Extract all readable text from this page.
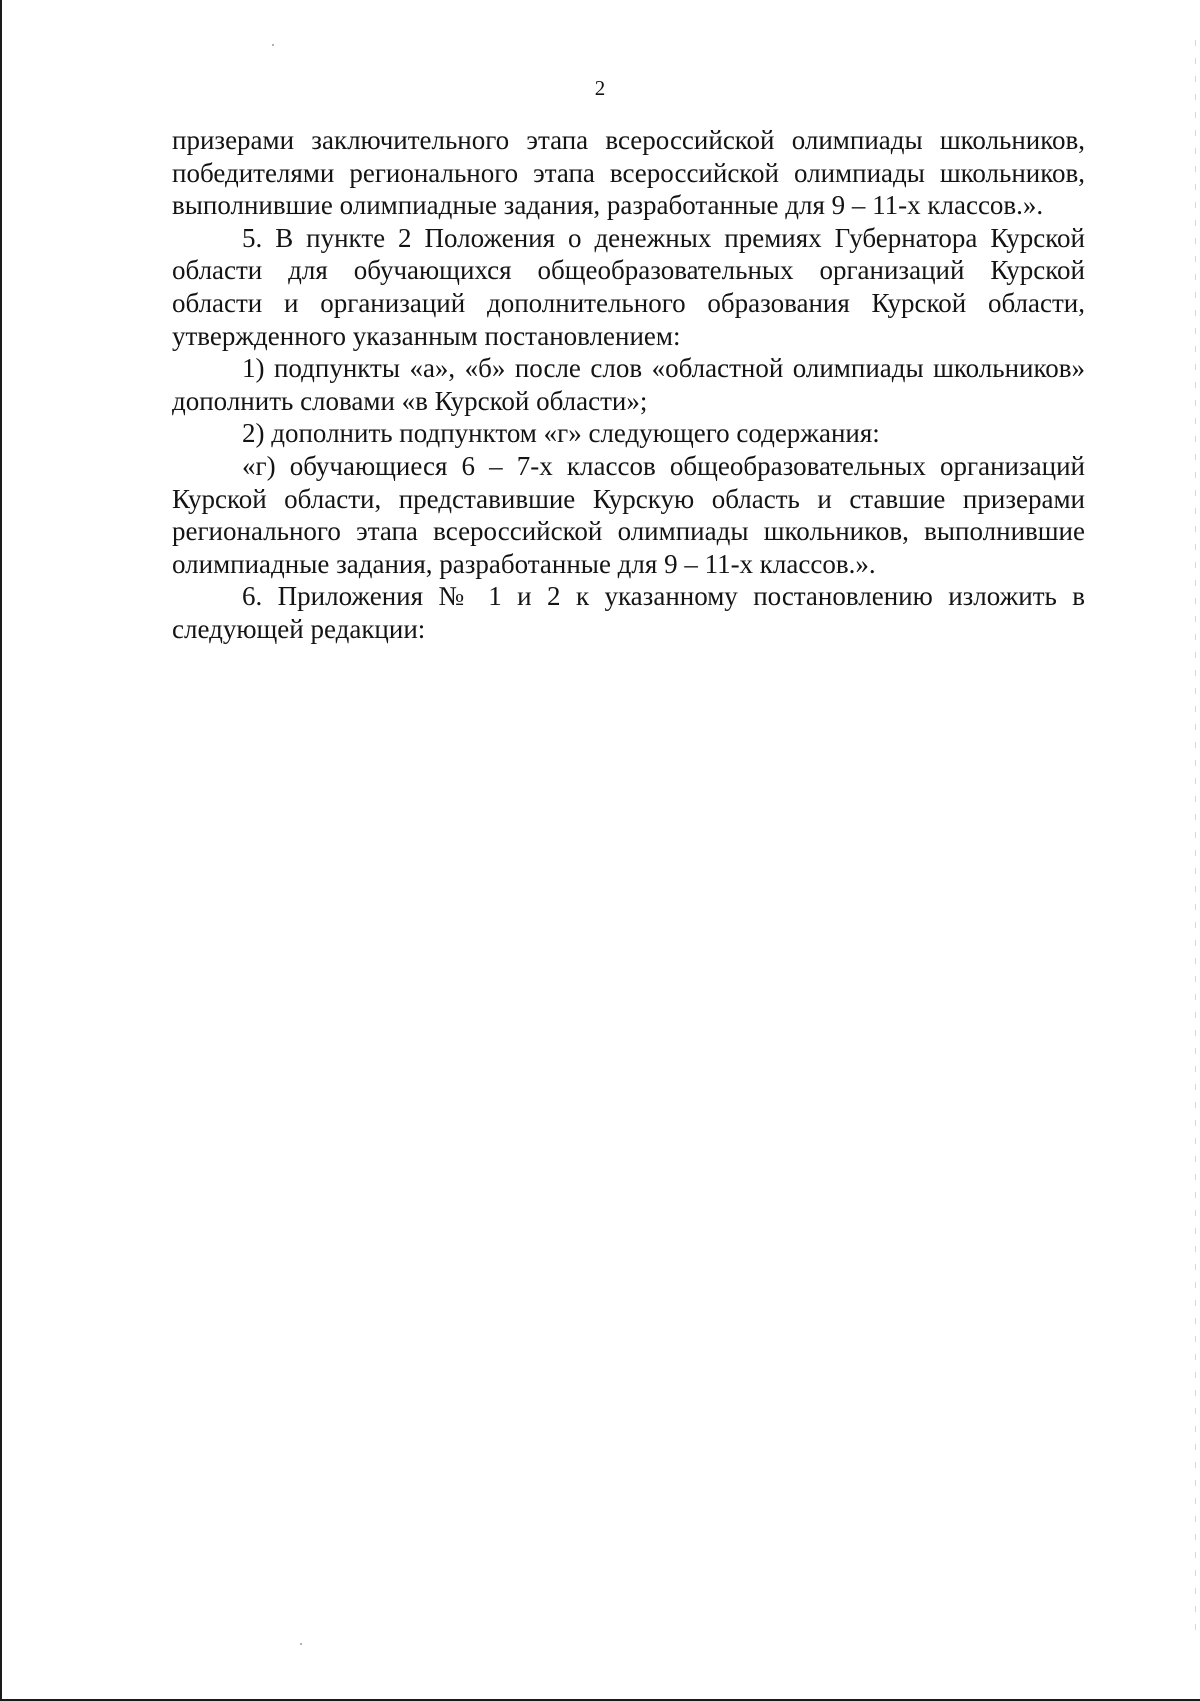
2

призерами заключительного этапа всероссийской олимпиады школьников, победителями регионального этапа всероссийской олимпиады школьников, выполнившие олимпиадные задания, разработанные для 9 – 11-х классов.».

5. В пункте 2 Положения о денежных премиях Губернатора Курской области для обучающихся общеобразовательных организаций Курской области и организаций дополнительного образования Курской области, утвержденного указанным постановлением:

1) подпункты «а», «б» после слов «областной олимпиады школьников» дополнить словами «в Курской области»;

2) дополнить подпунктом «г» следующего содержания:

«г) обучающиеся 6 – 7-х классов общеобразовательных организаций Курской области, представившие Курскую область и ставшие призерами регионального этапа всероссийской олимпиады школьников, выполнившие олимпиадные задания, разработанные для 9 – 11-х классов.».

6. Приложения № 1 и 2 к указанному постановлению изложить в следующей редакции:
